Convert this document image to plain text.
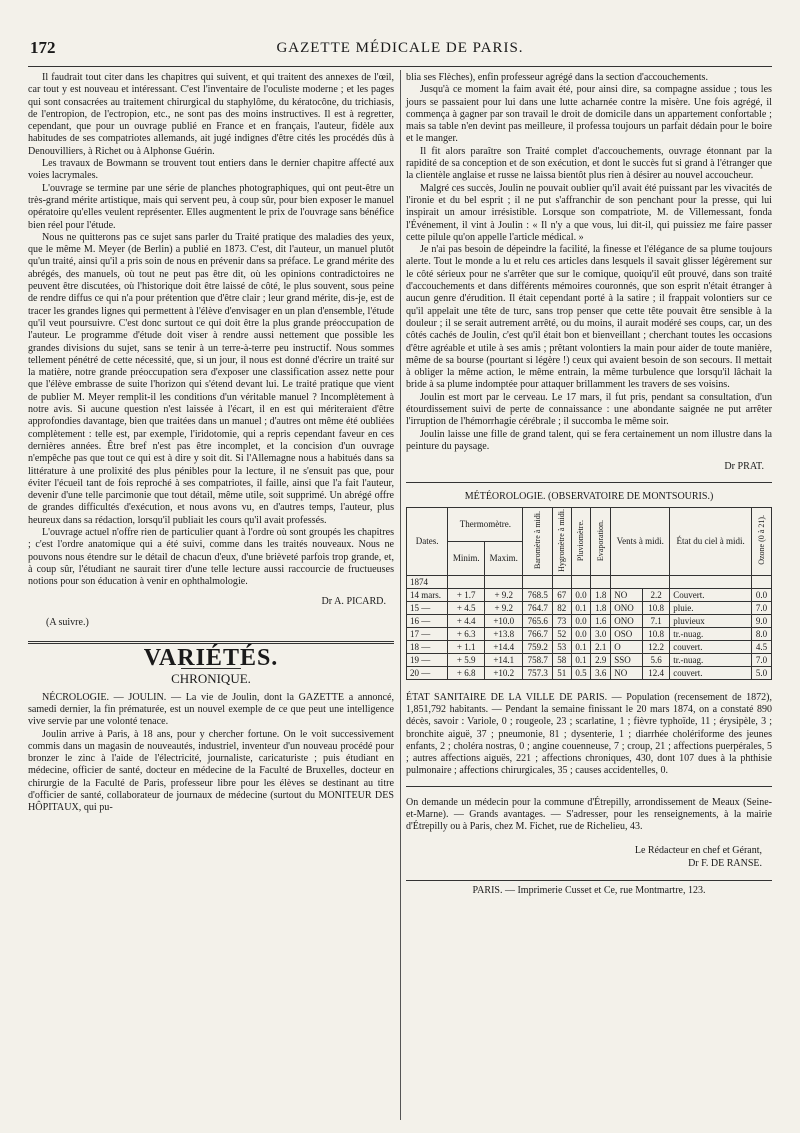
172	GAZETTE MÉDICALE DE PARIS.

Il faudrait tout citer dans les chapitres qui suivent, et qui traitent des annexes de l'œil, car tout y est nouveau et intéressant. C'est l'inventaire de l'oculiste moderne ; et les pages qui sont consacrées au traitement chirurgical du staphylôme, du kératocône, du trichiasis, de l'entropion, de l'ectropion, etc., ne sont pas des moins instructives. Il est à regretter, cependant, que pour un ouvrage publié en France et en français, l'auteur, fidèle aux habitudes de ses compatriotes allemands, ait jugé indignes d'être cités les procédés dûs à Denouvilliers, à Richet ou à Alphonse Guérin.

Les travaux de Bowmann se trouvent tout entiers dans le dernier chapitre affecté aux voies lacrymales.

L'ouvrage se termine par une série de planches photographiques, qui ont peut-être un très-grand mérite artistique, mais qui servent peu, à coup sûr, pour bien exposer le manuel opératoire qu'elles veulent représenter. Elles augmentent le prix de l'ouvrage sans bénéfice bien réel pour l'étude.

Nous ne quitterons pas ce sujet sans parler du Traité pratique des maladies des yeux, que le même M. Meyer (de Berlin) a publié en 1873. C'est, dit l'auteur, un manuel plutôt qu'un traité, ainsi qu'il a pris soin de nous en prévenir dans sa préface. Le grand mérite des abrégés, des manuels, où tout ne peut pas être dit, où les opinions contradictoires ne peuvent être discutées, où l'historique doit être laissé de côté, le plus souvent, sous peine de rendre diffus ce qui n'a pour prétention que d'être clair ; leur grand mérite, dis-je, est de tracer les grandes lignes qui permettent à l'élève d'envisager en un plan d'ensemble, l'étude qu'il veut poursuivre. C'est donc surtout ce qui doit être la plus grande préoccupation de l'auteur. Le programme d'étude doit viser à rendre aussi nettement que possible les grandes divisions du sujet, sans se tenir à un terre-à-terre peu instructif. Nous sommes tellement pénétré de cette nécessité, que, si un jour, il nous est donné d'écrire un traité sur la matière, notre grande préoccupation sera d'exposer une classification assez nette pour que l'élève embrasse de suite l'horizon qui s'étend devant lui. Le traité pratique que vient de publier M. Meyer remplit-il les conditions d'un véritable manuel ? Incomplètement à notre avis. Si aucune question n'est laissée à l'écart, il en est qui mériteraient d'être approfondies davantage, bien que traitées dans un manuel ; d'autres ont même été oubliées complètement : telle est, par exemple, l'iridotomie, qui a repris cependant faveur en ces dernières années. Être bref n'est pas être incomplet, et la concision d'un ouvrage n'empêche pas que tout ce qui est à dire y soit dit. Si l'Allemagne nous a habitués dans sa littérature à une prolixité des plus pénibles pour la lecture, il ne s'ensuit pas que, pour éviter l'écueil tant de fois reproché à ses compatriotes, il faille, ainsi que l'a fait l'auteur, devenir d'une telle parcimonie que tout détail, même utile, soit supprimé. Un abrégé offre de grandes difficultés d'exécution, et nous avons vu, en d'autres temps, l'auteur, plus heureux dans sa rédaction, lorsqu'il publiait les cours qu'il avait professés.

L'ouvrage actuel n'offre rien de particulier quant à l'ordre où sont groupés les chapitres ; c'est l'ordre anatomique qui a été suivi, comme dans les traités nouveaux. Nous ne pouvons nous étendre sur le détail de chacun d'eux, d'une brièveté parfois trop grande, et, à coup sûr, l'étudiant ne saurait tirer d'une telle lecture aussi raccourcie de fructueuses notions pour son éducation à venir en ophthalmologie.

Dr A. PICARD.
(A suivre.)
VARIÉTÉS.
CHRONIQUE.

NÉCROLOGIE. — JOULIN. — La vie de Joulin, dont la GAZETTE a annoncé, samedi dernier, la fin prématurée, est un nouvel exemple de ce que peut une intelligence vive servie par une volonté tenace.

Joulin arrive à Paris, à 18 ans, pour y chercher fortune. On le voit successivement commis dans un magasin de nouveautés, industriel, inventeur d'un nouveau procédé pour bronzer le zinc à l'aide de l'électricité, journaliste, caricaturiste ; puis étudiant en médecine, officier de santé, docteur en médecine de la Faculté de Bruxelles, docteur en chirurgie de la Faculté de Paris, professeur libre pour les élèves se destinant au titre d'officier de santé, collaborateur de journaux de médecine (surtout du MONITEUR DES HÔPITAUX, qui pu-

blia ses Flèches), enfin professeur agrégé dans la section d'accouchements.

Jusqu'à ce moment la faim avait été, pour ainsi dire, sa compagne assidue ; tous les jours se passaient pour lui dans une lutte acharnée contre la misère. Une fois agrégé, il commença à gagner par son travail le droit de domicile dans un appartement confortable ; mais sa table n'en devint pas meilleure, il professa toujours un parfait dédain pour le boire et le manger.

Il fit alors paraître son Traité complet d'accouchements, ouvrage étonnant par la rapidité de sa conception et de son exécution, et dont le succès fut si grand à l'étranger que la clientèle anglaise et russe ne laissa bientôt plus rien à désirer au nouvel accoucheur.

Malgré ces succès, Joulin ne pouvait oublier qu'il avait été puissant par les vivacités de l'ironie et du bel esprit ; il ne put s'affranchir de son penchant pour la presse, qui lui inspirait un amour irrésistible. Lorsque son compatriote, M. de Villemessant, fonda l'Événement, il vint à Joulin : « Il n'y a que vous, lui dit-il, qui puissiez me faire passer cette pilule qu'on appelle l'article médical. »

Je n'ai pas besoin de dépeindre la facilité, la finesse et l'élégance de sa plume toujours alerte. Tout le monde a lu et relu ces articles dans lesquels il savait glisser légèrement sur le côté sérieux pour ne s'arrêter que sur le comique, quoiqu'il eût prouvé, dans son traité d'accouchements et dans différents mémoires couronnés, que son esprit n'était étranger à aucun genre d'érudition. Il était cependant porté à la satire ; il frappait volontiers sur ce qu'il appelait une tête de turc, sans trop penser que cette tête pouvait être sensible à la douleur ; il se serait autrement arrêté, ou du moins, il aurait modéré ses coups, car, un des côtés cachés de Joulin, c'est qu'il était bon et bienveillant ; cherchant toutes les occasions d'être agréable et utile à ses amis ; prêtant volontiers la main pour aider de toute manière, même de sa bourse (pourtant si légère !) ceux qui avaient besoin de son secours. Il mettait à obliger la même action, le même entrain, la même turbulence que lorsqu'il lâchait la bride à sa plume indomptée pour attaquer brillamment les travers de ses voisins.

Joulin est mort par le cerveau. Le 17 mars, il fut pris, pendant sa consultation, d'un étourdissement suivi de perte de connaissance : une abondante saignée ne put arrêter l'irruption de l'hémorrhagie cérébrale ; il succomba le même soir.

Joulin laisse une fille de grand talent, qui se fera certainement un nom illustre dans la peinture du paysage.

Dr PRAT.
MÉTÉOROLOGIE. (OBSERVATOIRE DE MONTSOURIS.)
Dates.	Thermomètre.		Baromètre à midi.	Hygromètre à midi.	Pluviomètre.	Evaporation.	Vents à midi.		État du ciel à midi.	Ozone (0 à 21).
	Minim.	Maxim.								
1874										
14 mars.	+ 1.7	+ 9.2	768.5	67	0.0	1.8	NO	2.2	Couvert.	0.0
15 —	+ 4.5	+ 9.2	764.7	82	0.1	1.8	ONO	10.8	pluie.	7.0
16 —	+ 4.4	+10.0	765.6	73	0.0	1.6	ONO	7.1	pluvieux	9.0
17 —	+ 6.3	+13.8	766.7	52	0.0	3.0	OSO	10.8	tr.-nuag.	8.0
18 —	+ 1.1	+14.4	759.2	53	0.1	2.1	O	12.2	couvert.	4.5
19 —	+ 5.9	+14.1	758.7	58	0.1	2.9	SSO	5.6	tr.-nuag.	7.0
20 —	+ 6.8	+10.2	757.3	51	0.5	3.6	NO	12.4	couvert.	5.0
ÉTAT SANITAIRE DE LA VILLE DE PARIS. — Population (recensement de 1872), 1,851,792 habitants. — Pendant la semaine finissant le 20 mars 1874, on a constaté 890 décès, savoir : Variole, 0 ; rougeole, 23 ; scarlatine, 1 ; fièvre typhoïde, 11 ; érysipèle, 3 ; bronchite aiguë, 37 ; pneumonie, 81 ; dysenterie, 1 ; diarrhée cholériforme des jeunes enfants, 2 ; choléra nostras, 0 ; angine couenneuse, 7 ; croup, 21 ; affections puerpérales, 5 ; autres affections aiguës, 221 ; affections chroniques, 430, dont 107 dues à la phthisie pulmonaire ; affections chirurgicales, 35 ; causes accidentelles, 0.
On demande un médecin pour la commune d'Étrepilly, arrondissement de Meaux (Seine-et-Marne). — Grands avantages. — S'adresser, pour les renseignements, à la mairie d'Étrepilly ou à Paris, chez M. Fichet, rue de Richelieu, 43.
Le Rédacteur en chef et Gérant,
Dr F. DE RANSE.
PARIS. — Imprimerie Cusset et Ce, rue Montmartre, 123.
